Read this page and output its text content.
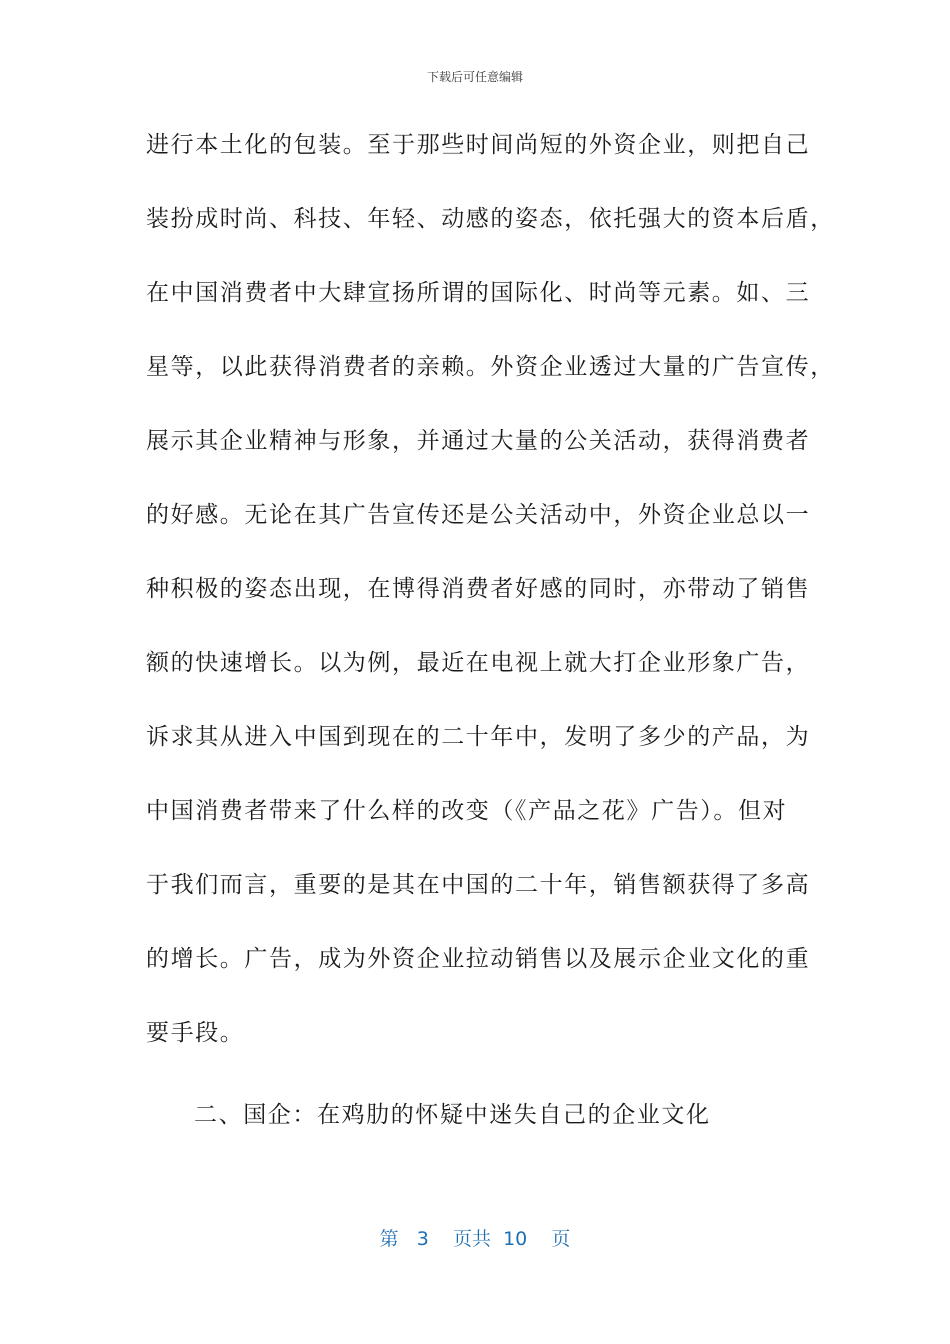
下载后可任意编辑
进行本土化的包装。至于那些时间尚短的外资企业，则把自己
装扮成时尚、科技、年轻、动感的姿态，依托强大的资本后盾，
在中国消费者中大肆宣扬所谓的国际化、时尚等元素。如、三
星等，以此获得消费者的亲赖。外资企业透过大量的广告宣传，
展示其企业精神与形象，并通过大量的公关活动，获得消费者
的好感。无论在其广告宣传还是公关活动中，外资企业总以一
种积极的姿态出现，在博得消费者好感的同时，亦带动了销售
额的快速增长。以为例，最近在电视上就大打企业形象广告，
诉求其从进入中国到现在的二十年中，发明了多少的产品，为
中国消费者带来了什么样的改变（《产品之花》广告）。但对
于我们而言，重要的是其在中国的二十年，销售额获得了多高
的增长。广告，成为外资企业拉动销售以及展示企业文化的重
要手段。
二、国企：在鸡肋的怀疑中迷失自己的企业文化
第 3 页共 10 页
